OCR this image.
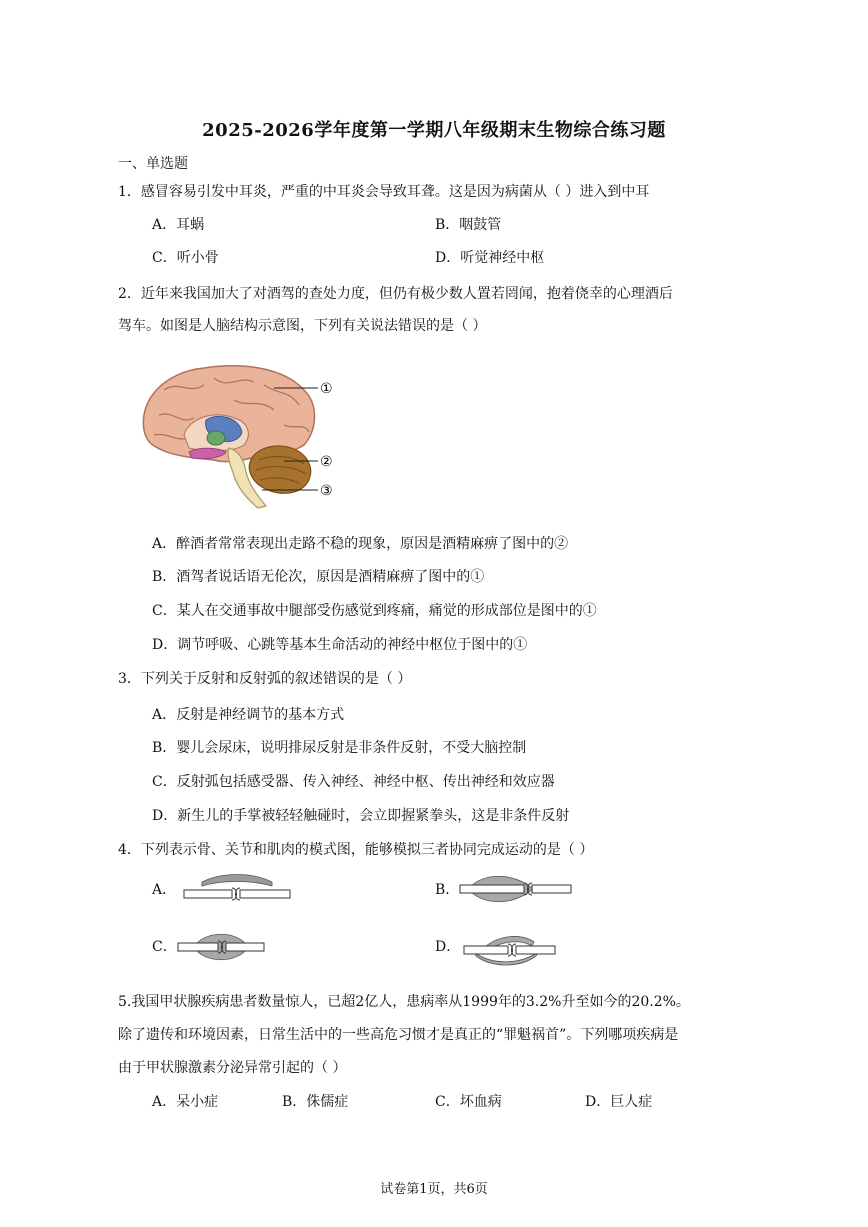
2025-2026学年度第一学期八年级期末生物综合练习题
一、单选题
1．感冒容易引发中耳炎，严重的中耳炎会导致耳聋。这是因为病菌从（ ）进入到中耳
A．耳蜗	B．咽鼓管
C．听小骨	D．听觉神经中枢
2．近年来我国加大了对酒驾的查处力度，但仍有极少数人置若罔闻，抱着侥幸的心理酒后
驾车。如图是人脑结构示意图，下列有关说法错误的是（ ）
①
②
③
A．醉酒者常常表现出走路不稳的现象，原因是酒精麻痹了图中的②
B．酒驾者说话语无伦次，原因是酒精麻痹了图中的①
C．某人在交通事故中腿部受伤感觉到疼痛，痛觉的形成部位是图中的①
D．调节呼吸、心跳等基本生命活动的神经中枢位于图中的①
3．下列关于反射和反射弧的叙述错误的是（ ）
A．反射是神经调节的基本方式
B．婴儿会尿床，说明排尿反射是非条件反射，不受大脑控制
C．反射弧包括感受器、传入神经、神经中枢、传出神经和效应器
D．新生儿的手掌被轻轻触碰时，会立即握紧拳头，这是非条件反射
4．下列表示骨、关节和肌肉的模式图，能够模拟三者协同完成运动的是（ ）
A．	B．
C．	D．
5.我国甲状腺疾病患者数量惊人，已超2亿人，患病率从1999年的3.2%升至如今的20.2%。
除了遗传和环境因素，日常生活中的一些高危习惯才是真正的“罪魁祸首”。下列哪项疾病是
由于甲状腺激素分泌异常引起的（ ）
A．呆小症	B．侏儒症	C．坏血病	D．巨人症
试卷第1页，共6页
